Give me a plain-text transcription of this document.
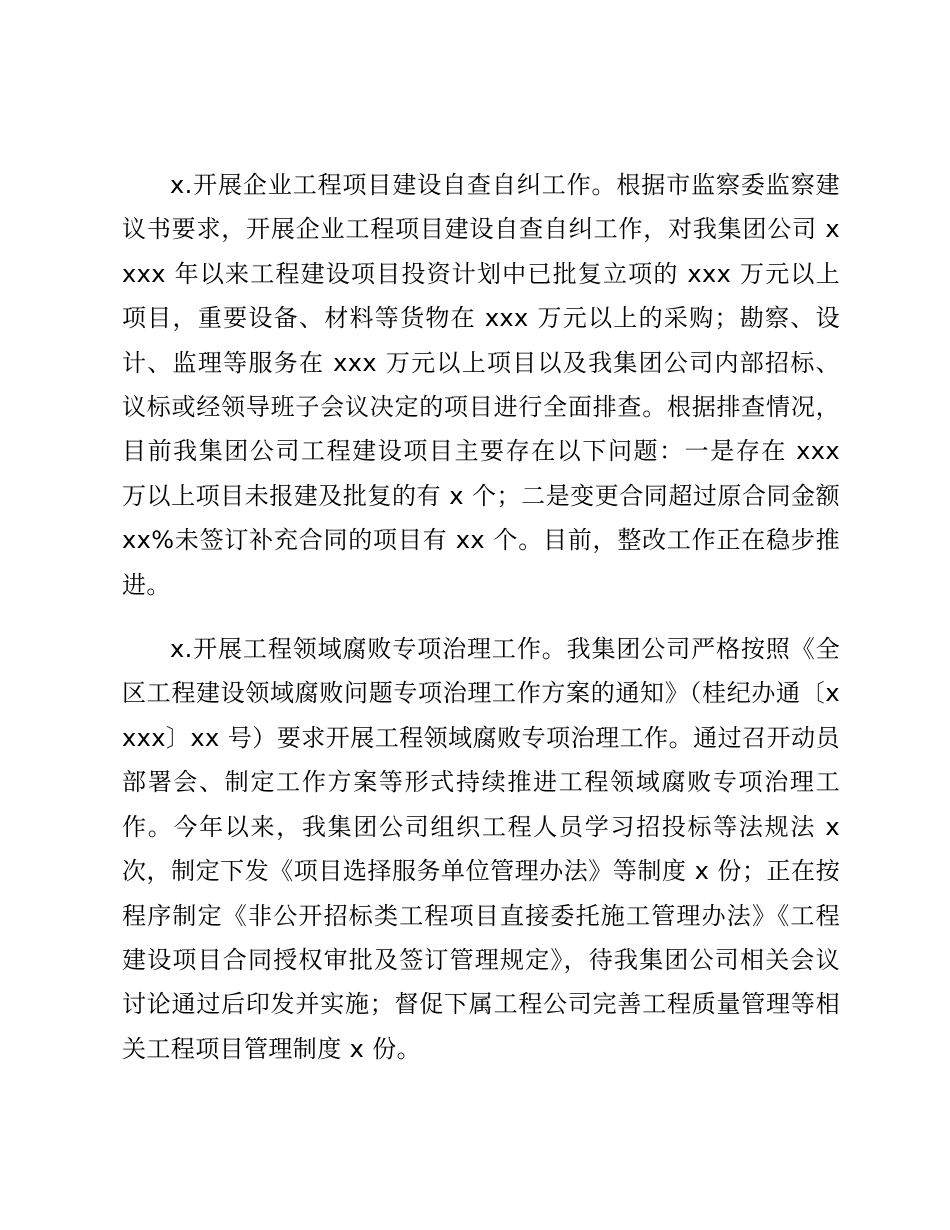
x.开展企业工程项目建设自查自纠工作。根据市监察委监察建议书要求，开展企业工程项目建设自查自纠工作，对我集团公司 xxxx 年以来工程建设项目投资计划中已批复立项的 xxx 万元以上项目，重要设备、材料等货物在 xxx 万元以上的采购；勘察、设计、监理等服务在 xxx 万元以上项目以及我集团公司内部招标、议标或经领导班子会议决定的项目进行全面排查。根据排查情况，目前我集团公司工程建设项目主要存在以下问题：一是存在 xxx 万以上项目未报建及批复的有 x 个；二是变更合同超过原合同金额 xx%未签订补充合同的项目有 xx 个。目前，整改工作正在稳步推进。

x.开展工程领域腐败专项治理工作。我集团公司严格按照《全区工程建设领域腐败问题专项治理工作方案的通知》（桂纪办通〔xxxx〕xx 号）要求开展工程领域腐败专项治理工作。通过召开动员部署会、制定工作方案等形式持续推进工程领域腐败专项治理工作。今年以来，我集团公司组织工程人员学习招投标等法规法 x 次，制定下发《项目选择服务单位管理办法》等制度 x 份；正在按程序制定《非公开招标类工程项目直接委托施工管理办法》《工程建设项目合同授权审批及签订管理规定》，待我集团公司相关会议讨论通过后印发并实施；督促下属工程公司完善工程质量管理等相关工程项目管理制度 x 份。
